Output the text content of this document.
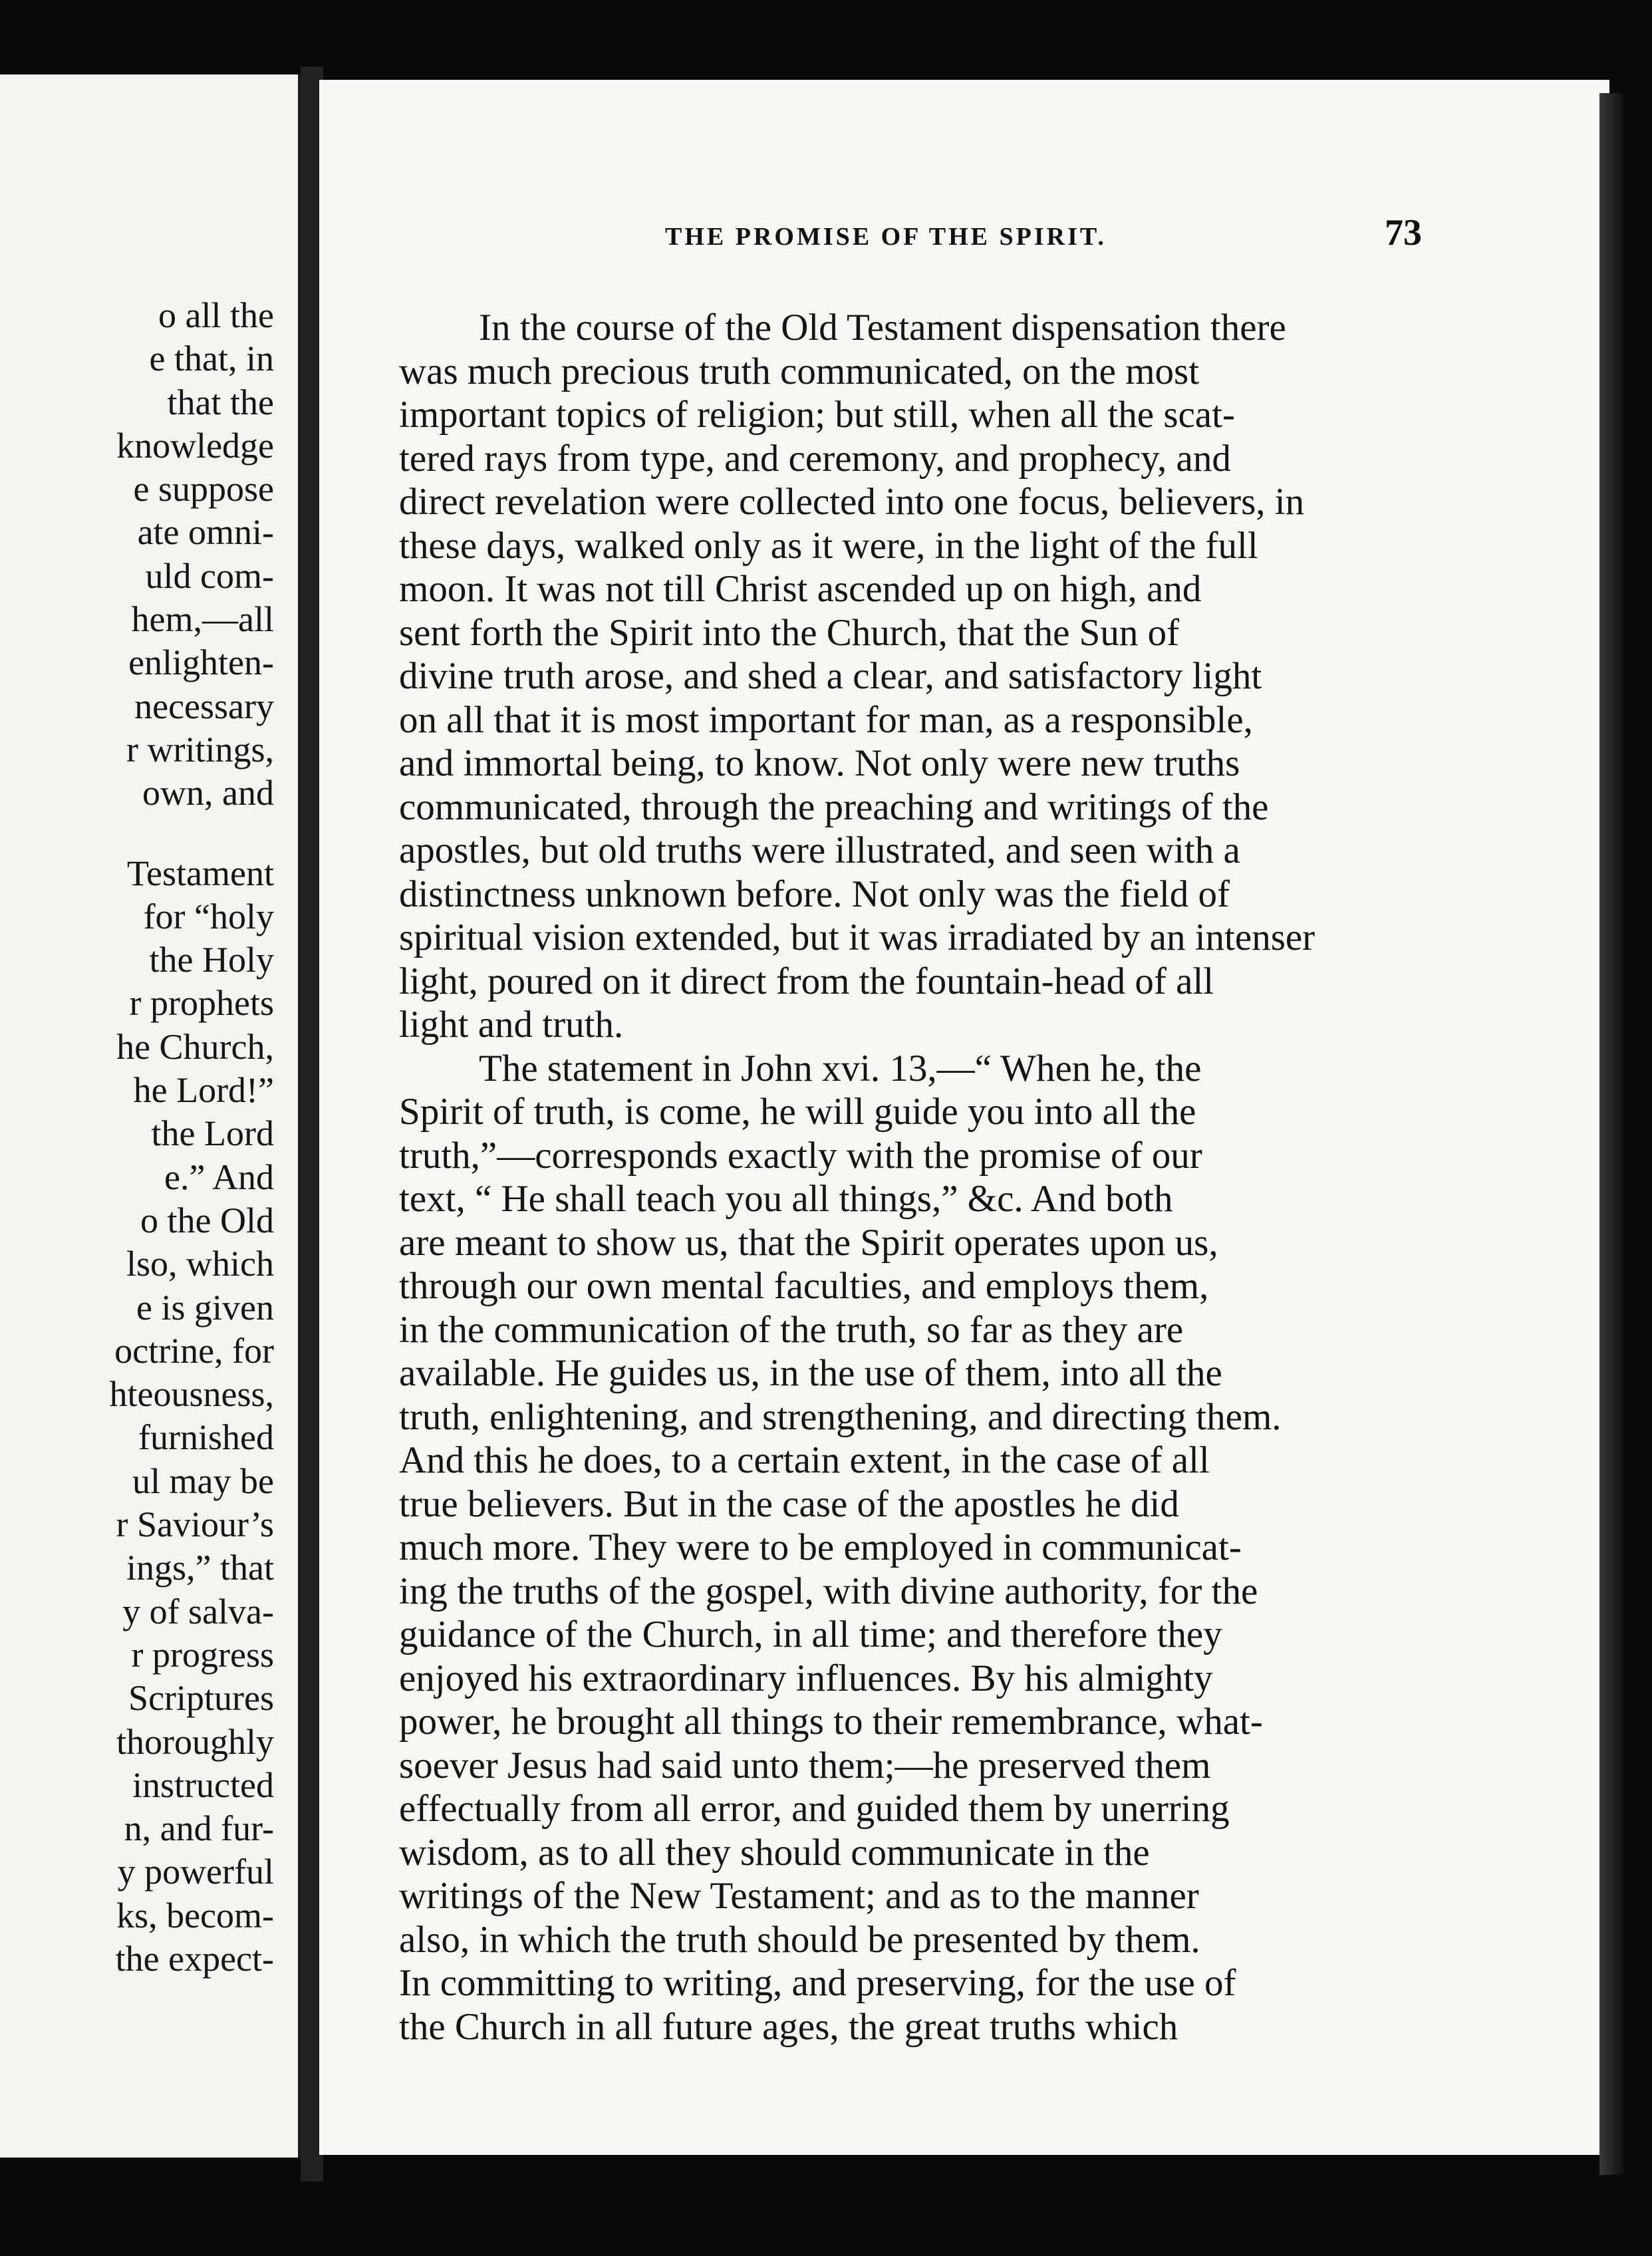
o all the
e that, in
that the
knowledge
e suppose
ate omni-
uld com-
hem,—all
enlighten-
necessary
r writings,
own, and
Testament
for “holy
the Holy
r prophets
he Church,
he Lord!”
the Lord
e.” And
o the Old
lso, which
e is given
octrine, for
hteousness,
furnished
ul may be
r Saviour’s
ings,” that
y of salva-
r progress
Scriptures
thoroughly
instructed
n, and fur-
y powerful
ks, becom-
the expect-
THE PROMISE OF THE SPIRIT.	73
In the course of the Old Testament dispensation there
was much precious truth communicated, on the most
important topics of religion; but still, when all the scat-
tered rays from type, and ceremony, and prophecy, and
direct revelation were collected into one focus, believers, in
these days, walked only as it were, in the light of the full
moon. It was not till Christ ascended up on high, and
sent forth the Spirit into the Church, that the Sun of
divine truth arose, and shed a clear, and satisfactory light
on all that it is most important for man, as a responsible,
and immortal being, to know. Not only were new truths
communicated, through the preaching and writings of the
apostles, but old truths were illustrated, and seen with a
distinctness unknown before. Not only was the field of
spiritual vision extended, but it was irradiated by an intenser
light, poured on it direct from the fountain-head of all
light and truth.
The statement in John xvi. 13,—“ When he, the
Spirit of truth, is come, he will guide you into all the
truth,”—corresponds exactly with the promise of our
text, “ He shall teach you all things,” &c. And both
are meant to show us, that the Spirit operates upon us,
through our own mental faculties, and employs them,
in the communication of the truth, so far as they are
available. He guides us, in the use of them, into all the
truth, enlightening, and strengthening, and directing them.
And this he does, to a certain extent, in the case of all
true believers. But in the case of the apostles he did
much more. They were to be employed in communicat-
ing the truths of the gospel, with divine authority, for the
guidance of the Church, in all time; and therefore they
enjoyed his extraordinary influences. By his almighty
power, he brought all things to their remembrance, what-
soever Jesus had said unto them;—he preserved them
effectually from all error, and guided them by unerring
wisdom, as to all they should communicate in the
writings of the New Testament; and as to the manner
also, in which the truth should be presented by them.
In committing to writing, and preserving, for the use of
the Church in all future ages, the great truths which
